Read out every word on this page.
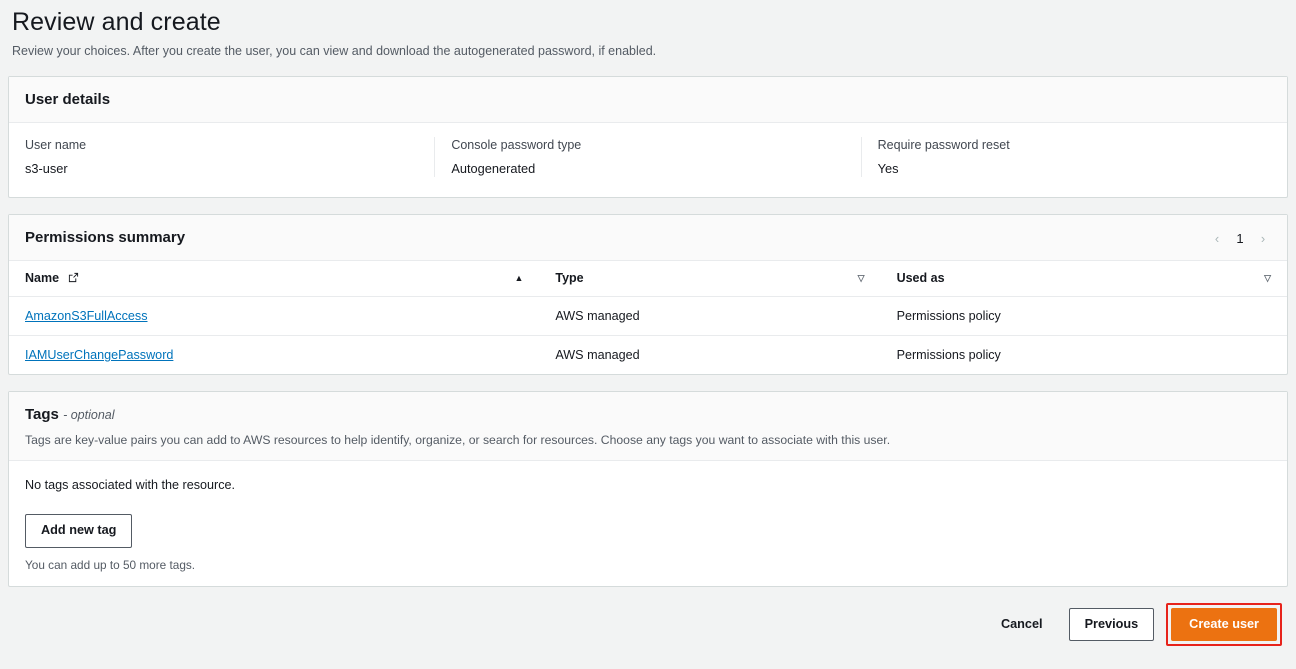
Review and create
Review your choices. After you create the user, you can view and download the autogenerated password, if enabled.
User details
User name
s3-user
Console password type
Autogenerated
Require password reset
Yes
Permissions summary	‹	1	›
Name ▲	Type ▽	Used as ▽

AmazonS3FullAccess	AWS managed	Permissions policy
IAMUserChangePassword	AWS managed	Permissions policy
Tags - optional
Tags are key-value pairs you can add to AWS resources to help identify, organize, or search for resources. Choose any tags you want to associate with this user.
No tags associated with the resource.
Add new tag
You can add up to 50 more tags.
Cancel	Previous	Create user
